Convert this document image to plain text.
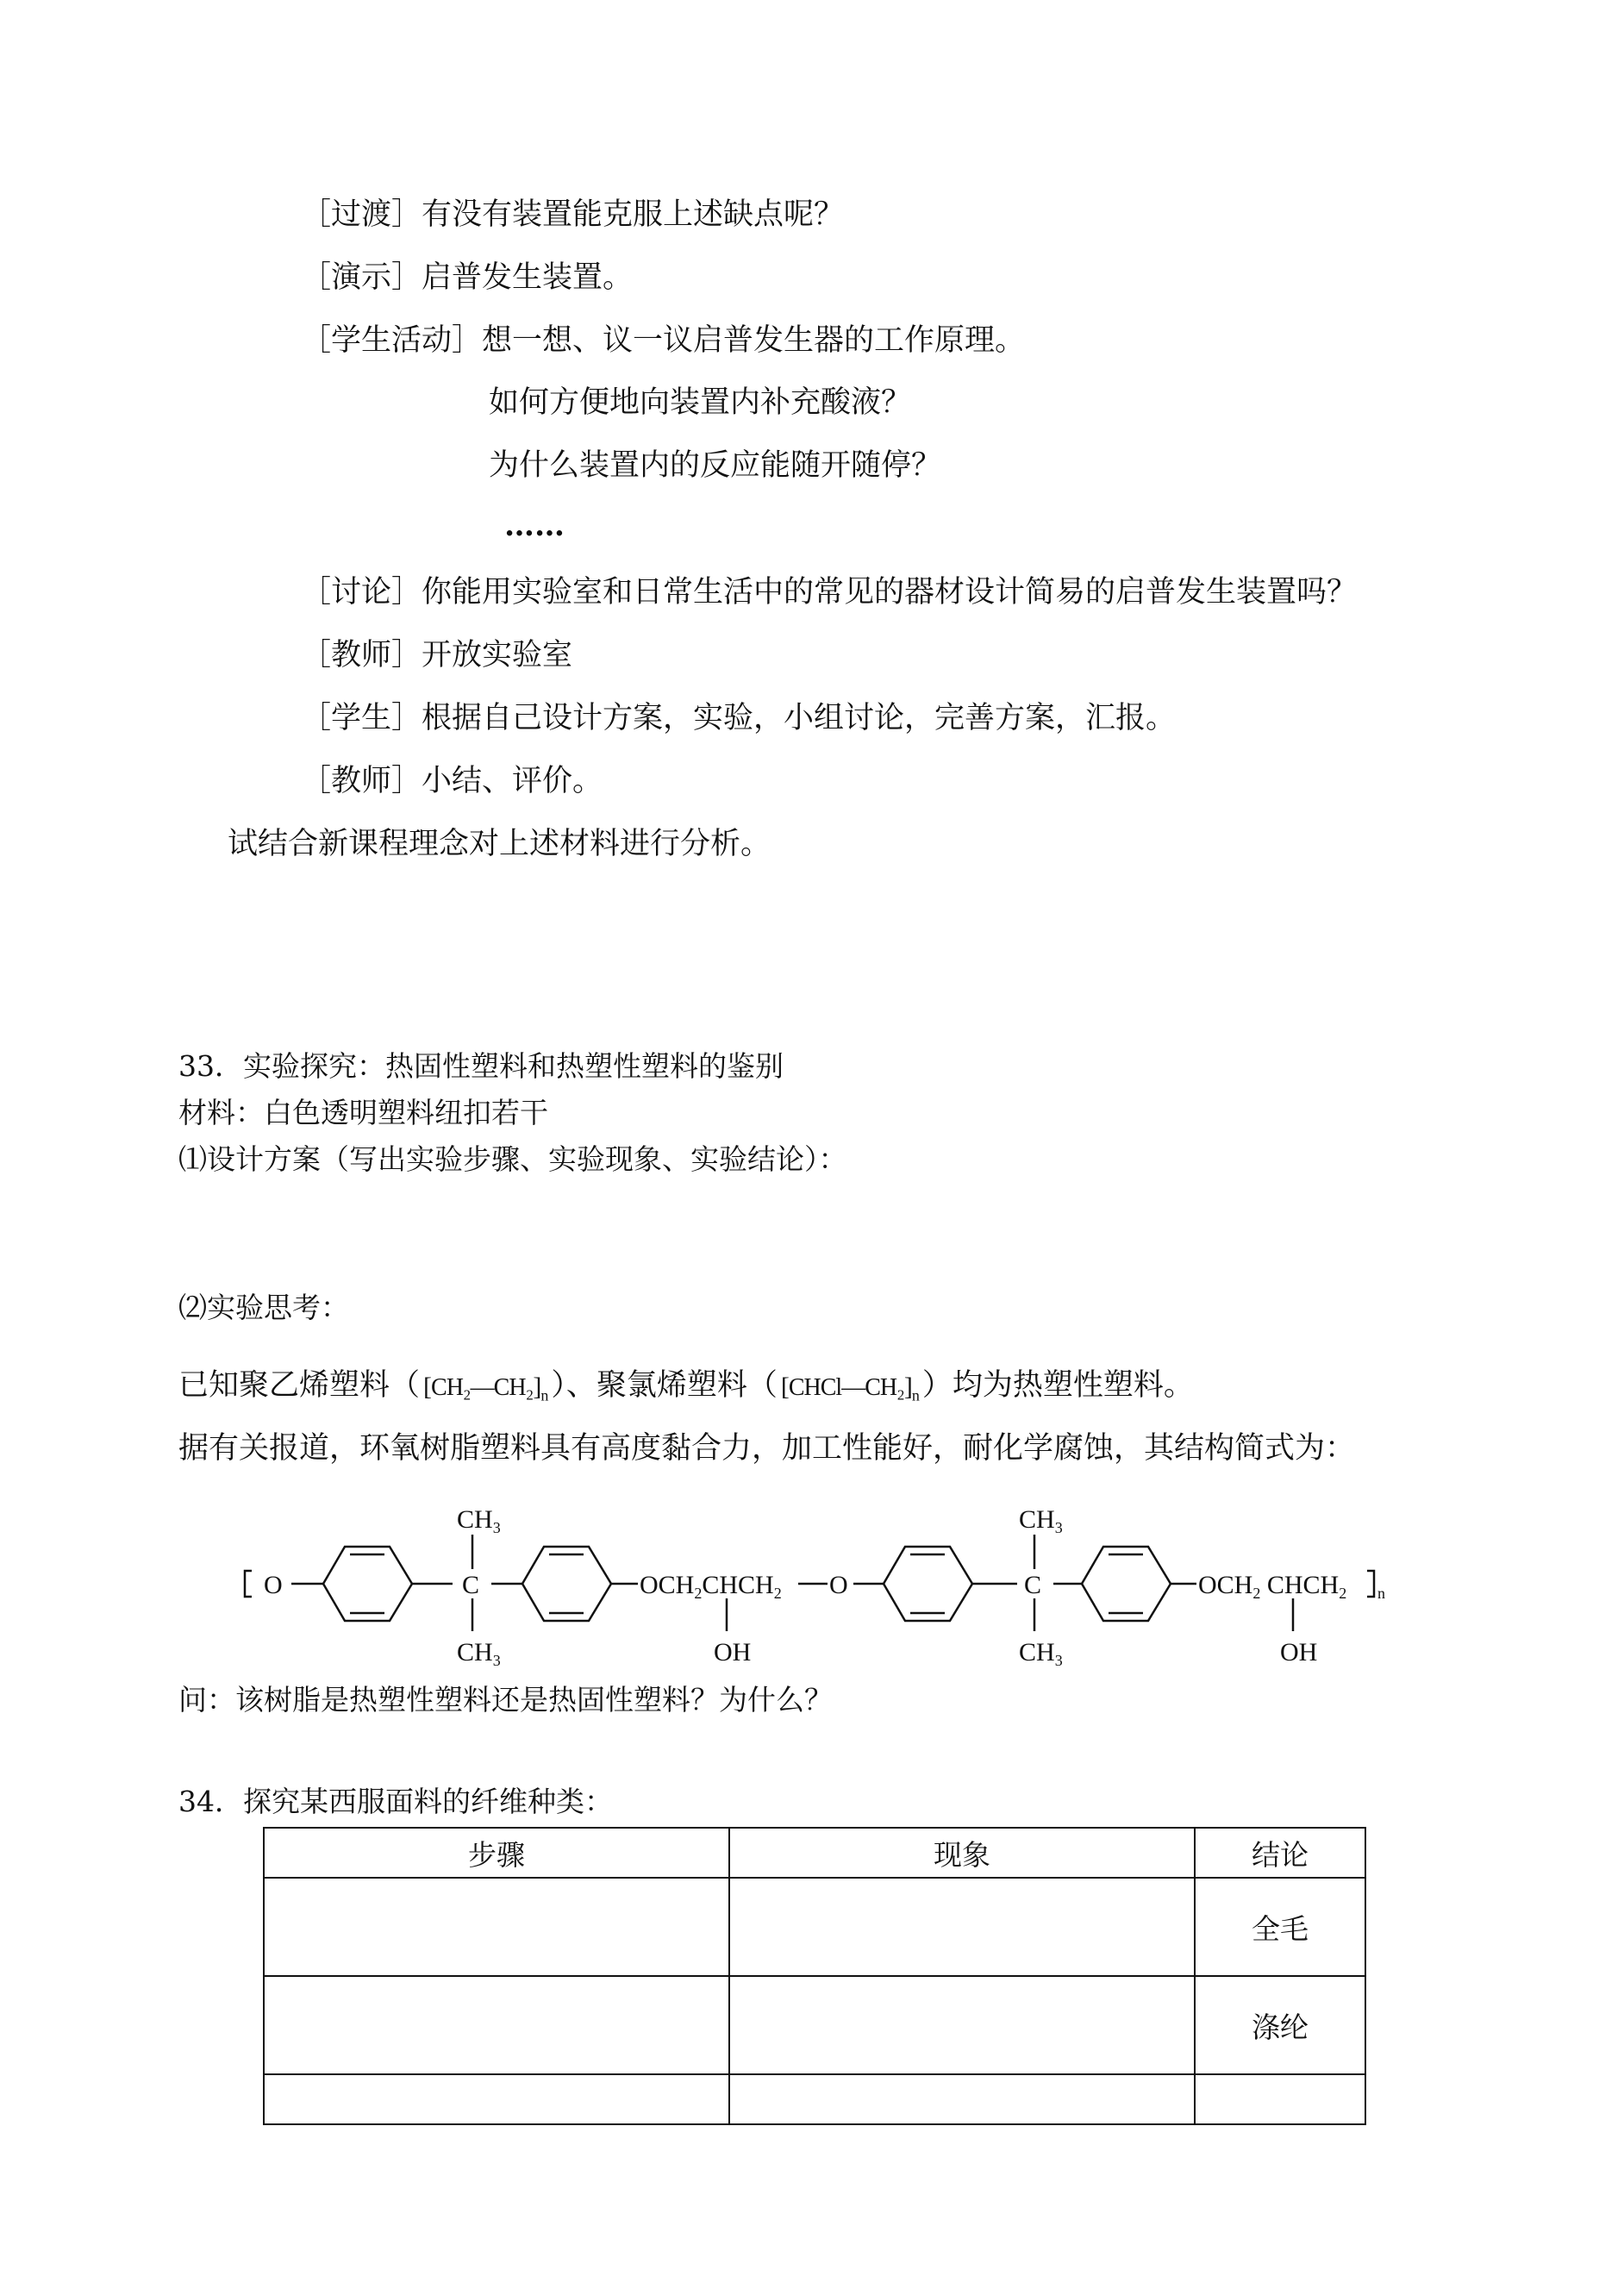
［过渡］有没有装置能克服上述缺点呢？
［演示］启普发生装置。
［学生活动］想一想、议一议启普发生器的工作原理。
如何方便地向装置内补充酸液？
为什么装置内的反应能随开随停？
……
［讨论］你能用实验室和日常生活中的常见的器材设计简易的启普发生装置吗？
［教师］开放实验室
［学生］根据自己设计方案，实验，小组讨论，完善方案，汇报。
［教师］小结、评价。
试结合新课程理念对上述材料进行分析。
33．实验探究：热固性塑料和热塑性塑料的鉴别
材料：白色透明塑料纽扣若干
⑴设计方案（写出实验步骤、实验现象、实验结论）：
⑵实验思考：
已知聚乙烯塑料（ $[CH_2—CH_2]_n$ ）、聚氯烯塑料（ $[CHCl—CH_2]_n$ ）均为热塑性塑料。
据有关报道，环氧树脂塑料具有高度黏合力，加工性能好，耐化学腐蚀，其结构简式为：
O	C
$CH_3$
$CH_3$
$OCH_2CHCH_2$
OH
O	C
$CH_3$
$CH_3$
$OCH_2$ $CHCH_2$
OH
n
问：该树脂是热塑性塑料还是热固性塑料？为什么？
34．探究某西服面料的纤维种类：
步骤	现象	结论
		全毛
		涤纶
